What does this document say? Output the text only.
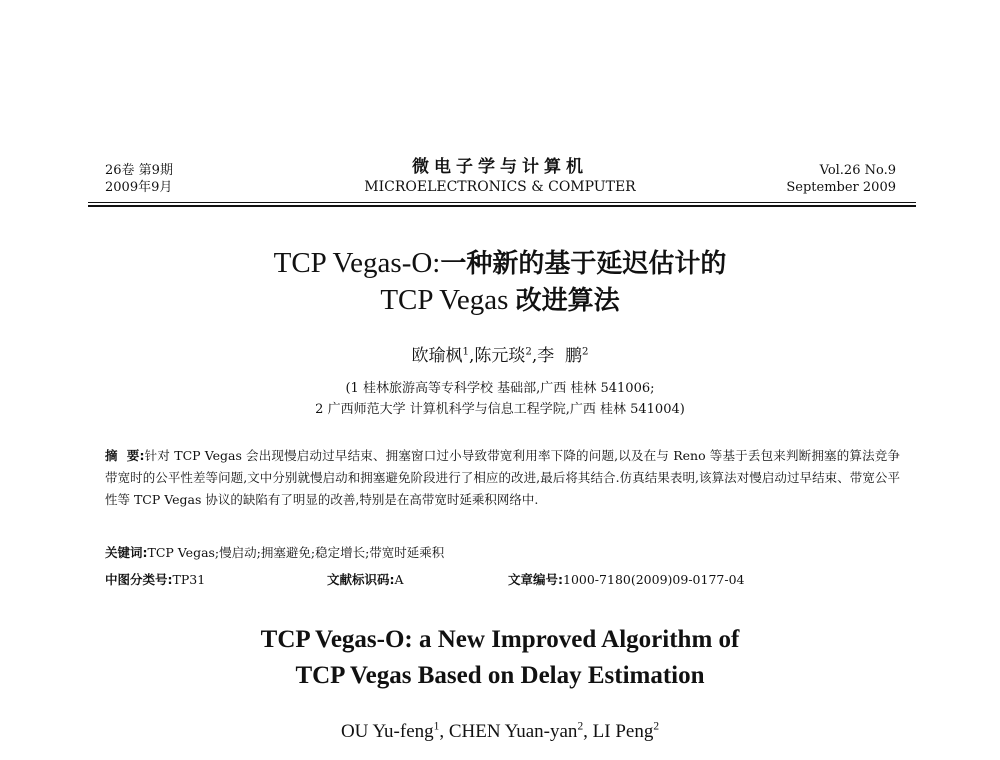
26卷 第9期
2009年9月
微电子学与计算机
MICROELECTRONICS & COMPUTER
Vol.26 No.9
September 2009
TCP Vegas-O:一种新的基于延迟估计的
TCP Vegas 改进算法
欧瑜枫$^1$,陈元琰$^2$,李  鹏$^2$
(1 桂林旅游高等专科学校 基础部,广西 桂林 541006;
2 广西师范大学 计算机科学与信息工程学院,广西 桂林 541004)
摘  要:针对 TCP Vegas 会出现慢启动过早结束、拥塞窗口过小导致带宽利用率下降的问题,以及在与 Reno 等基于丢包来判断拥塞的算法竞争带宽时的公平性差等问题,文中分别就慢启动和拥塞避免阶段进行了相应的改进,最后将其结合.仿真结果表明,该算法对慢启动过早结束、带宽公平性等 TCP Vegas 协议的缺陷有了明显的改善,特别是在高带宽时延乘积网络中.
关键词:TCP Vegas;慢启动;拥塞避免;稳定增长;带宽时延乘积
中图分类号:TP31	文献标识码:A	文章编号:1000-7180(2009)09-0177-04
TCP Vegas-O: a New Improved Algorithm of
TCP Vegas Based on Delay Estimation
OU Yu-feng$^1$, CHEN Yuan-yan$^2$, LI Peng$^2$
